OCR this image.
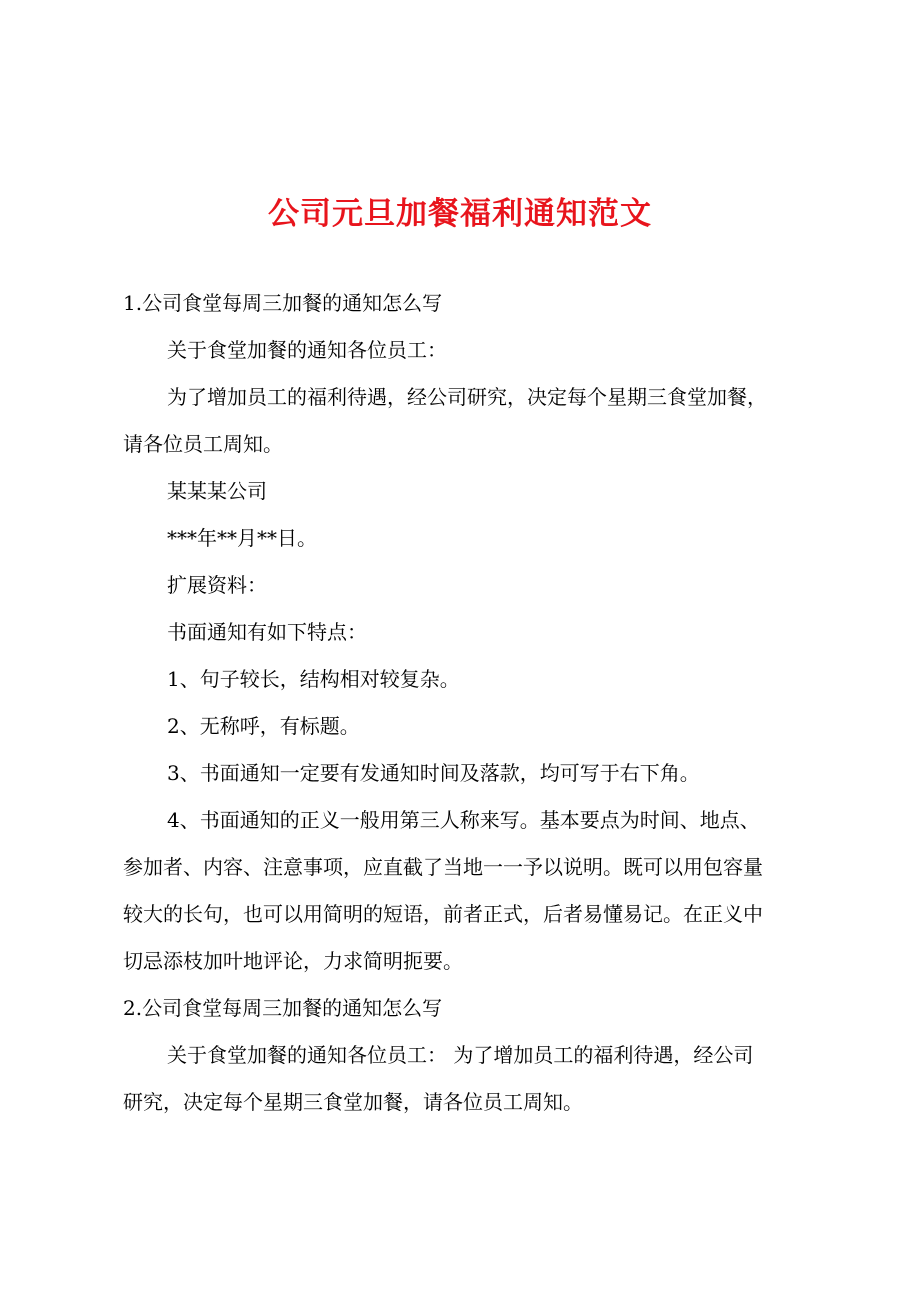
公司元旦加餐福利通知范文

1.公司食堂每周三加餐的通知怎么写

关于食堂加餐的通知各位员工：

为了增加员工的福利待遇，经公司研究，决定每个星期三食堂加餐，

请各位员工周知。

某某某公司

***年**月**日。

扩展资料：

书面通知有如下特点：

1、句子较长，结构相对较复杂。

2、无称呼，有标题。

3、书面通知一定要有发通知时间及落款，均可写于右下角。

4、书面通知的正义一般用第三人称来写。基本要点为时间、地点、

参加者、内容、注意事项，应直截了当地一一予以说明。既可以用包容量

较大的长句，也可以用简明的短语，前者正式，后者易懂易记。在正义中

切忌添枝加叶地评论，力求简明扼要。

2.公司食堂每周三加餐的通知怎么写

关于食堂加餐的通知各位员工： 为了增加员工的福利待遇，经公司

研究，决定每个星期三食堂加餐，请各位员工周知。
